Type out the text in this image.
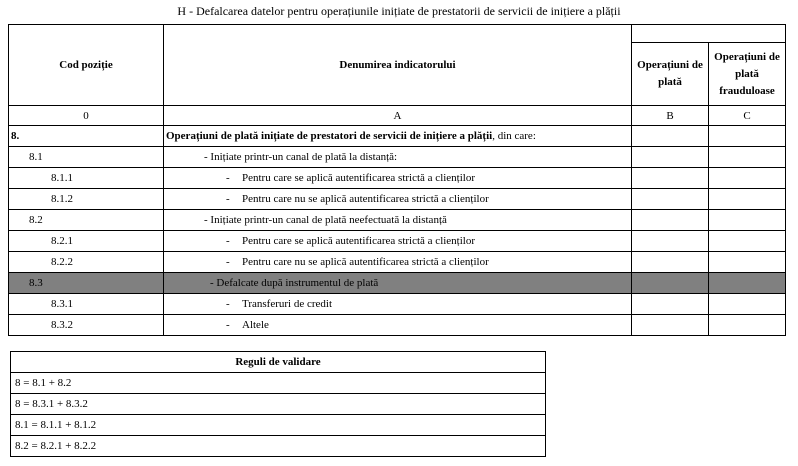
H - Defalcarea datelor pentru operațiunile inițiate de prestatorii de servicii de inițiere a plății
Cod poziție	Denumirea indicatorului		
		Operațiuni de plată	Operațiuni de plată frauduloase
0	A	B	C
8.	Operațiuni de plată inițiate de prestatori de servicii de inițiere a plății, din care:		
8.1	- Inițiate printr-un canal de plată la distanță:		
8.1.1	- Pentru care se aplică autentificarea strictă a clienților		
8.1.2	- Pentru care nu se aplică autentificarea strictă a clienților		
8.2	- Inițiate printr-un canal de plată neefectuată la distanță		
8.2.1	- Pentru care se aplică autentificarea strictă a clienților		
8.2.2	- Pentru care nu se aplică autentificarea strictă a clienților		
8.3	- Defalcate după instrumentul de plată		
8.3.1	- Transferuri de credit		
8.3.2	- Altele		
Reguli de validare
8 = 8.1 + 8.2
8 = 8.3.1 + 8.3.2
8.1 = 8.1.1 + 8.1.2
8.2 = 8.2.1 + 8.2.2
